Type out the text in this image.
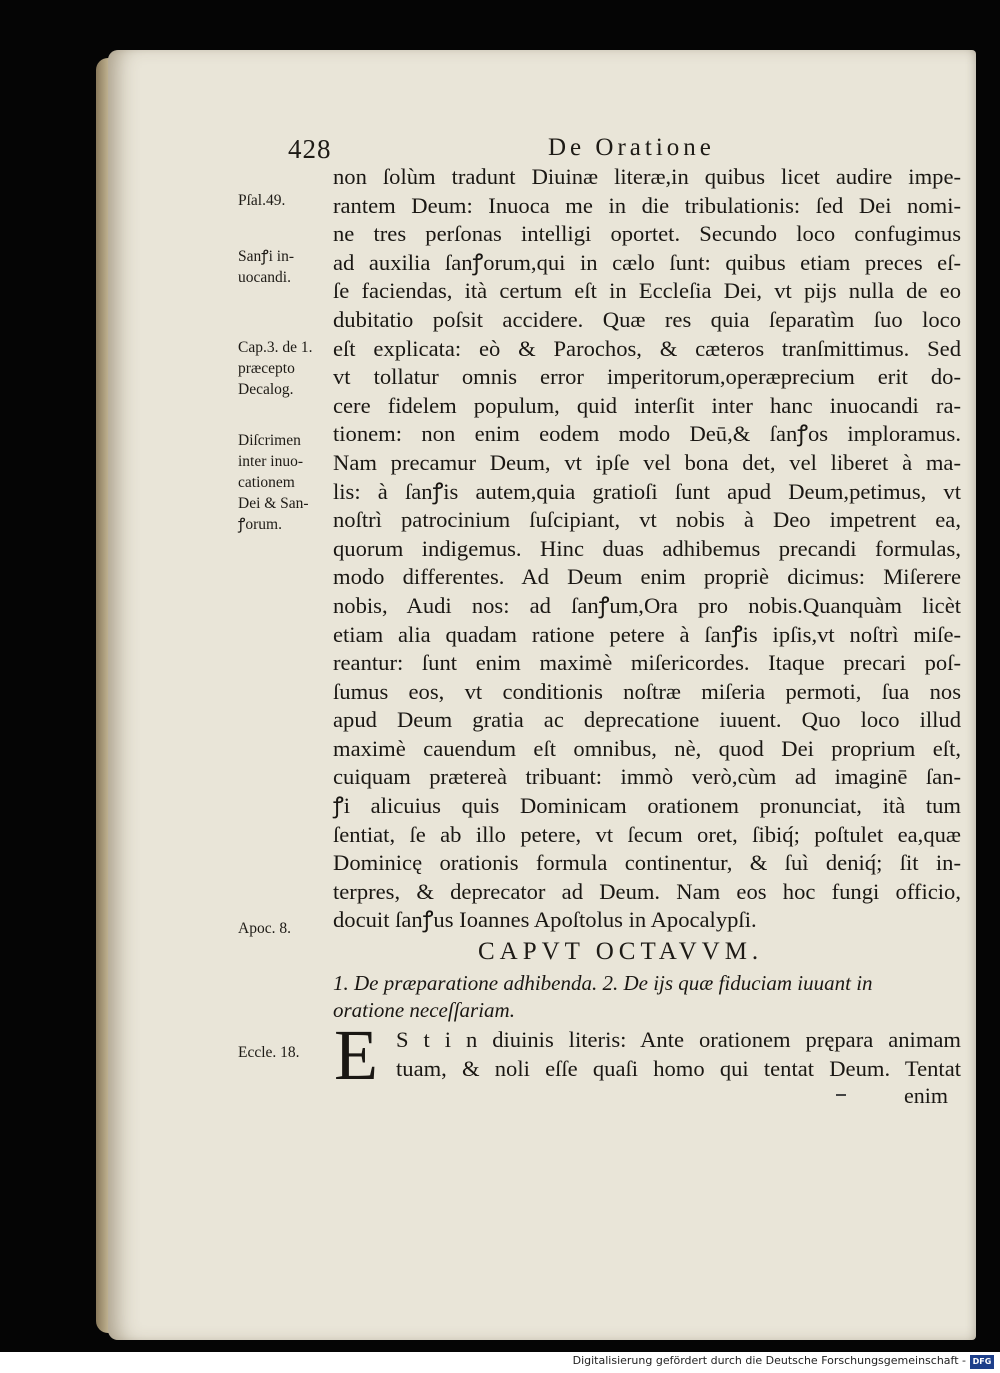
428	De Oratione
Pſal.49.
Sanꝭi in-
uocandi.
Cap.3. de 1.
præcepto
Decalog.
Diſcrimen
inter inuo-
cationem
Dei & San-
ꝭorum.
Apoc. 8.
Eccle. 18.
non ſolùm tradunt Diuinæ literæ,in quibus licet audire impe-
rantem Deum: Inuoca me in die tribulationis: ſed Dei nomi-
ne tres perſonas intelligi oportet. Secundo loco confugimus
ad auxilia ſanꝭorum,qui in cælo ſunt: quibus etiam preces eſ-
ſe faciendas, ità certum eſt in Eccleſia Dei, vt pijs nulla de eo
dubitatio poſsit accidere. Quæ res quia ſeparatìm ſuo loco
eſt explicata: eò & Parochos, & cæteros tranſmittimus. Sed
vt tollatur omnis error imperitorum,operæprecium erit do-
cere fidelem populum, quid interſit inter hanc inuocandi ra-
tionem: non enim eodem modo Deū,& ſanꝭos imploramus.
Nam precamur Deum, vt ipſe vel bona det, vel liberet à ma-
lis: à ſanꝭis autem,quia gratioſi ſunt apud Deum,petimus, vt
noſtrì patrocinium ſuſcipiant, vt nobis à Deo impetrent ea,
quorum indigemus. Hinc duas adhibemus precandi formulas,
modo differentes. Ad Deum enim propriè dicimus: Miſerere
nobis, Audi nos: ad ſanꝭum,Ora pro nobis.Quanquàm licèt
etiam alia quadam ratione petere à ſanꝭis ipſis,vt noſtrì miſe-
reantur: ſunt enim maximè miſericordes. Itaque precari poſ-
ſumus eos, vt conditionis noſtræ miſeria permoti, ſua nos
apud Deum gratia ac deprecatione iuuent. Quo loco illud
maximè cauendum eſt omnibus, nè, quod Dei proprium eſt,
cuiquam prætereà tribuant: immò verò,cùm ad imaginē ſan-
ꝭi alicuius quis Dominicam orationem pronunciat, ità tum
ſentiat, ſe ab illo petere, vt ſecum oret, ſibiq́; poſtulet ea,quæ
Dominicę orationis formula continentur, & ſuì deniq́; ſit in-
terpres, & deprecator ad Deum. Nam eos hoc fungi officio,
docuit ſanꝭus Ioannes Apoſtolus in Apocalypſi.
CAPVT OCTAVVM.
1. De præparatione adhibenda. 2. De ijs quæ fiduciam iuuant in
oratione neceſſariam.
E S t i n diuinis literis: Ante orationem prępara animam
tuam, & noli eſſe quaſi homo qui tentat Deum. Tentat
enim
Digitalisierung gefördert durch die Deutsche Forschungsgemeinschaft - DFG
